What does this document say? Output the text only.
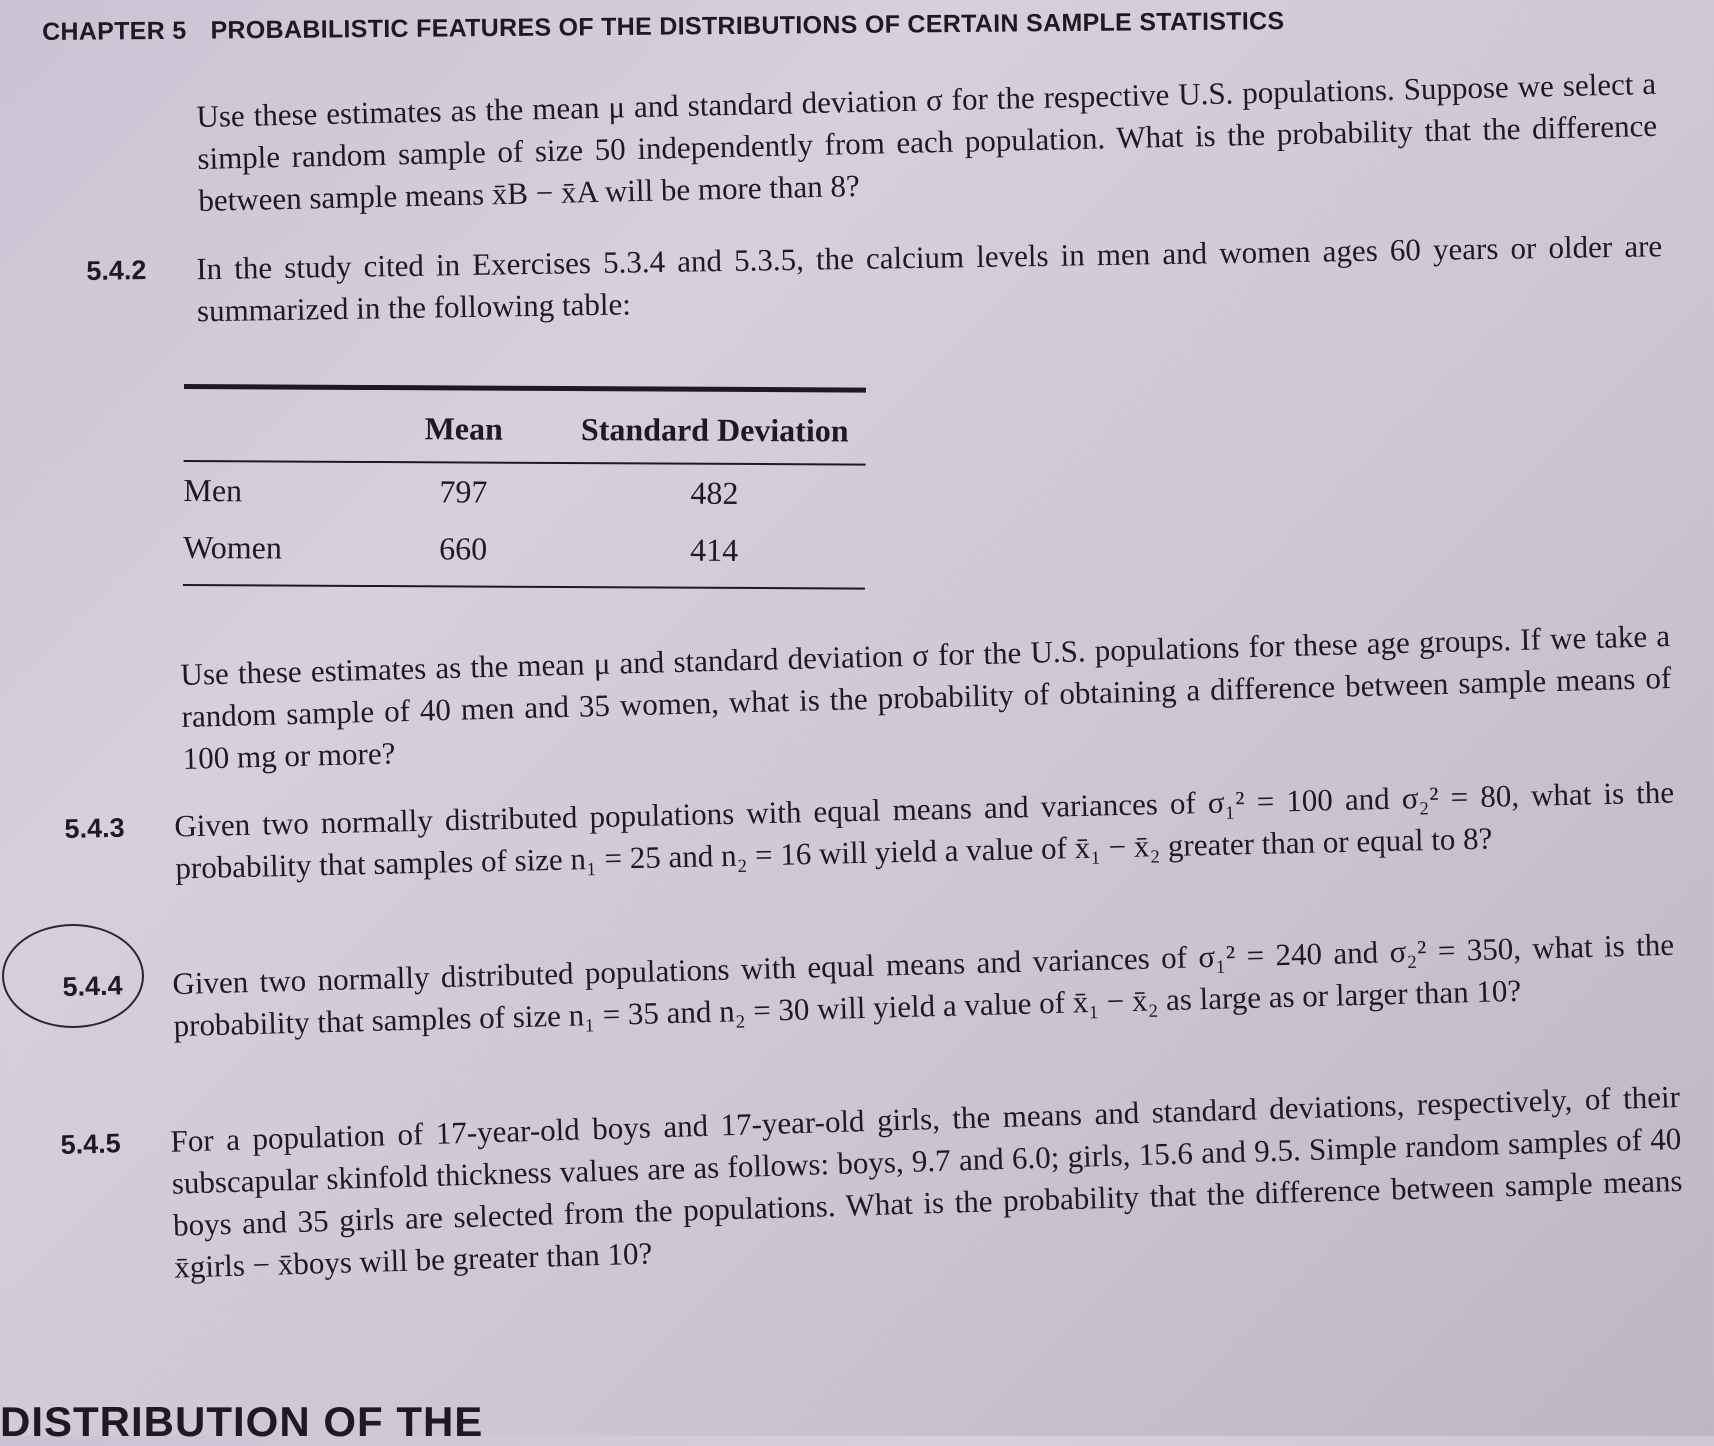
CHAPTER 5 PROBABILISTIC FEATURES OF THE DISTRIBUTIONS OF CERTAIN SAMPLE STATISTICS
Use these estimates as the mean μ and standard deviation σ for the respective U.S. populations. Suppose we select a simple random sample of size 50 independently from each population. What is the probability that the difference between sample means x̄B − x̄A will be more than 8?
5.4.2 In the study cited in Exercises 5.3.4 and 5.3.5, the calcium levels in men and women ages 60 years or older are summarized in the following table:

	Mean	Standard Deviation
Men	797	482
Women	660	414
Use these estimates as the mean μ and standard deviation σ for the U.S. populations for these age groups. If we take a random sample of 40 men and 35 women, what is the probability of obtaining a difference between sample means of 100 mg or more?
5.4.3 Given two normally distributed populations with equal means and variances of σ₁² = 100 and σ₂² = 80, what is the probability that samples of size n₁ = 25 and n₂ = 16 will yield a value of x̄₁ − x̄₂ greater than or equal to 8?
5.4.4 Given two normally distributed populations with equal means and variances of σ₁² = 240 and σ₂² = 350, what is the probability that samples of size n₁ = 35 and n₂ = 30 will yield a value of x̄₁ − x̄₂ as large as or larger than 10?
5.4.5 For a population of 17-year-old boys and 17-year-old girls, the means and standard deviations, respectively, of their subscapular skinfold thickness values are as follows: boys, 9.7 and 6.0; girls, 15.6 and 9.5. Simple random samples of 40 boys and 35 girls are selected from the populations. What is the probability that the difference between sample means x̄girls − x̄boys will be greater than 10?
DISTRIBUTION OF THE
